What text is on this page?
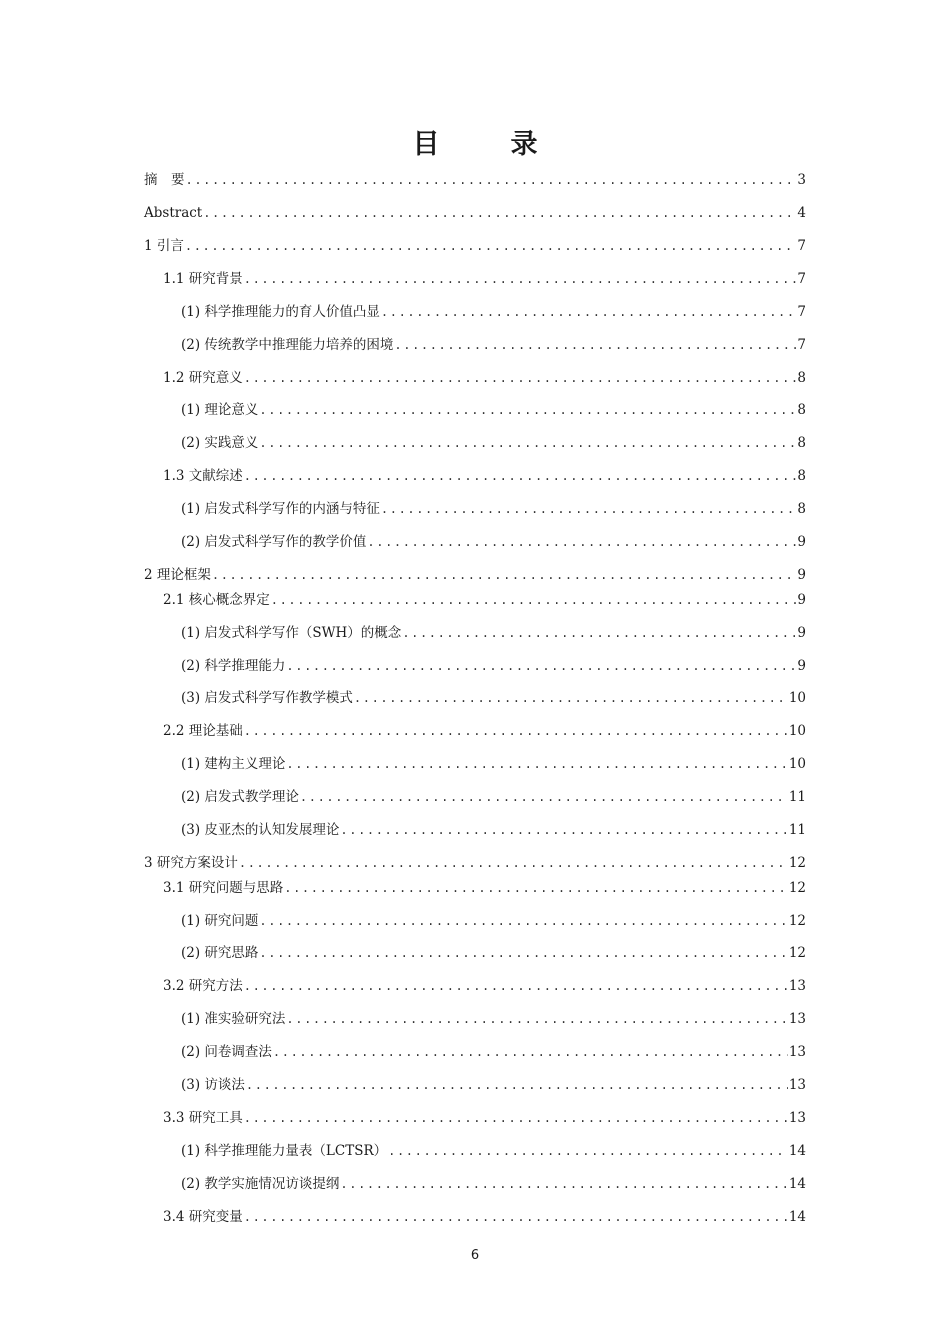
目　录
摘　要 .....	3
Abstract .....	4
1 引言 .....	7
1.1 研究背景 .....	7
(1) 科学推理能力的育人价值凸显 .....	7
(2) 传统教学中推理能力培养的困境 .....	7
1.2 研究意义 .....	8
(1) 理论意义 .....	8
(2) 实践意义 .....	8
1.3 文献综述 .....	8
(1) 启发式科学写作的内涵与特征 .....	8
(2) 启发式科学写作的教学价值 .....	9
2 理论框架 .....	9
2.1 核心概念界定 .....	9
(1) 启发式科学写作（SWH）的概念 .....	9
(2) 科学推理能力 .....	9
(3) 启发式科学写作教学模式 .....	10
2.2 理论基础 .....	10
(1) 建构主义理论 .....	10
(2) 启发式教学理论 .....	11
(3) 皮亚杰的认知发展理论 .....	11
3 研究方案设计 .....	12
3.1 研究问题与思路 .....	12
(1) 研究问题 .....	12
(2) 研究思路 .....	12
3.2 研究方法 .....	13
(1) 准实验研究法 .....	13
(2) 问卷调查法 .....	13
(3) 访谈法 .....	13
3.3 研究工具 .....	13
(1) 科学推理能力量表（LCTSR） .....	14
(2) 教学实施情况访谈提纲 .....	14
3.4 研究变量 .....	14
6
